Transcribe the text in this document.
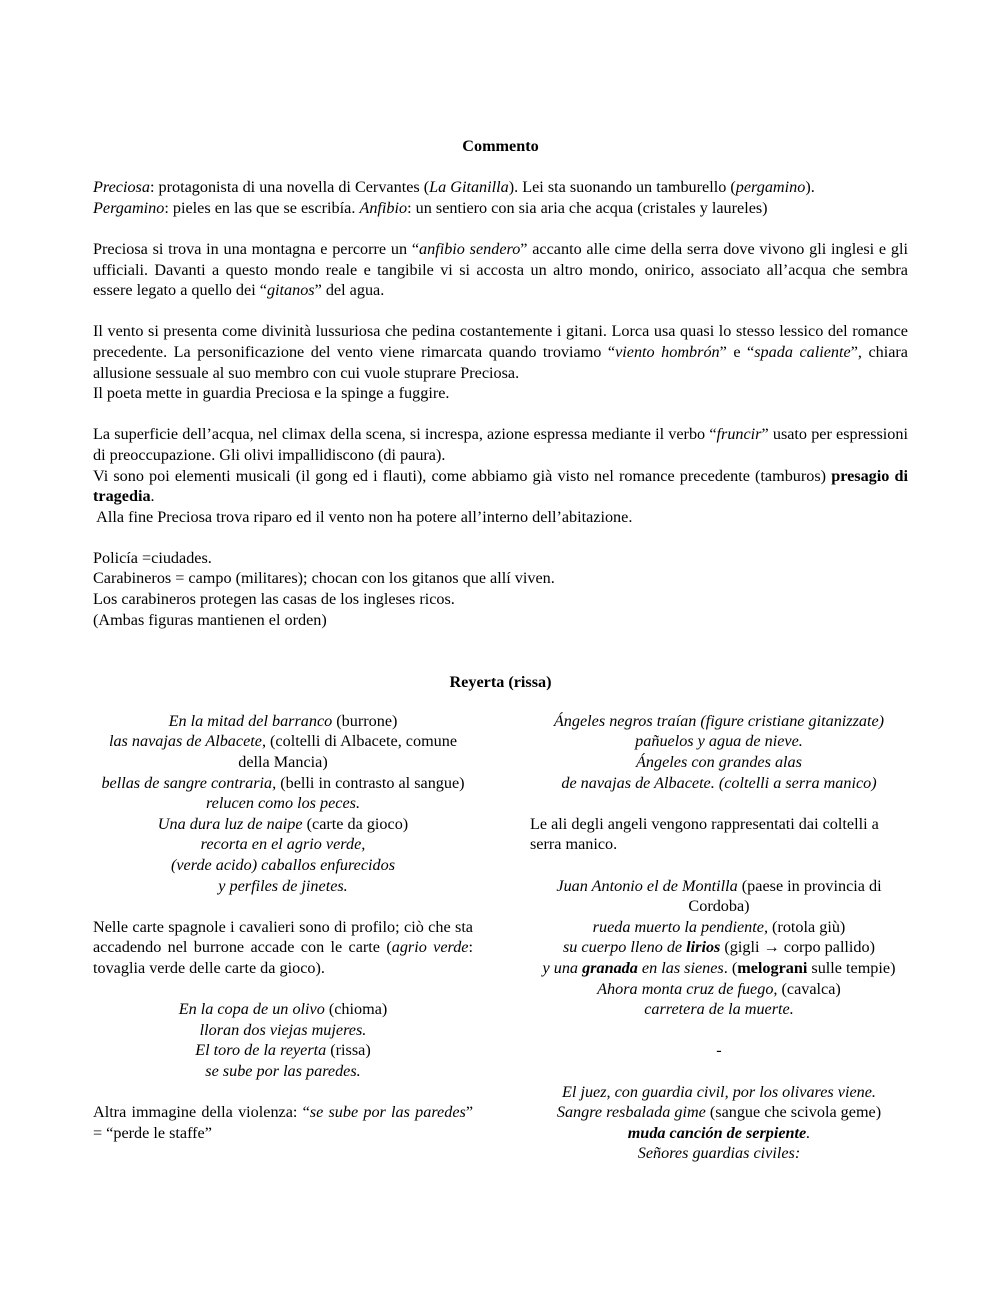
Commento

Preciosa: protagonista di una novella di Cervantes (La Gitanilla). Lei sta suonando un tamburello (pergamino).

Pergamino: pieles en las que se escribía. Anfibio: un sentiero con sia aria che acqua (cristales y laureles)

Preciosa si trova in una montagna e percorre un “anfibio sendero” accanto alle cime della serra dove vivono gli inglesi e gli ufficiali. Davanti a questo mondo reale e tangibile vi si accosta un altro mondo, onirico, associato all’acqua che sembra essere legato a quello dei “gitanos” del agua.

Il vento si presenta come divinità lussuriosa che pedina costantemente i gitani. Lorca usa quasi lo stesso lessico del romance precedente. La personificazione del vento viene rimarcata quando troviamo “viento hombrón” e “spada caliente”, chiara allusione sessuale al suo membro con cui vuole stuprare Preciosa.

Il poeta mette in guardia Preciosa e la spinge a fuggire.

La superficie dell’acqua, nel climax della scena, si increspa, azione espressa mediante il verbo “fruncir” usato per espressioni di preoccupazione. Gli olivi impallidiscono (di paura).

Vi sono poi elementi musicali (il gong ed i flauti), come abbiamo già visto nel romance precedente (tamburos) presagio di tragedia.

Alla fine Preciosa trova riparo ed il vento non ha potere all’interno dell’abitazione.

Policía =ciudades.

Carabineros = campo (militares); chocan con los gitanos que allí viven.

Los carabineros protegen las casas de los ingleses ricos.

(Ambas figuras mantienen el orden)

Reyerta (rissa)

En la mitad del barranco (burrone)

las navajas de Albacete, (coltelli di Albacete, comune della Mancia)

bellas de sangre contraria, (belli in contrasto al sangue)

relucen como los peces.

Una dura luz de naipe (carte da gioco)

recorta en el agrio verde,

(verde acido) caballos enfurecidos

y perfiles de jinetes.

Nelle carte spagnole i cavalieri sono di profilo; ciò che sta accadendo nel burrone accade con le carte (agrio verde: tovaglia verde delle carte da gioco).

En la copa de un olivo (chioma)

lloran dos viejas mujeres.

El toro de la reyerta (rissa)

se sube por las paredes.

Altra immagine della violenza: “se sube por las paredes” = “perde le staffe”

Ángeles negros traían (figure cristiane gitanizzate)

pañuelos y agua de nieve.

Ángeles con grandes alas

de navajas de Albacete. (coltelli a serra manico)

Le ali degli angeli vengono rappresentati dai coltelli a serra manico.

Juan Antonio el de Montilla (paese in provincia di Cordoba)

rueda muerto la pendiente, (rotola giù)

su cuerpo lleno de lirios (gigli → corpo pallido)

y una granada en las sienes. (melograni sulle tempie)

Ahora monta cruz de fuego, (cavalca)

carretera de la muerte.

-

El juez, con guardia civil, por los olivares viene.

Sangre resbalada gime (sangue che scivola geme)

muda canción de serpiente.

Señores guardias civiles:
